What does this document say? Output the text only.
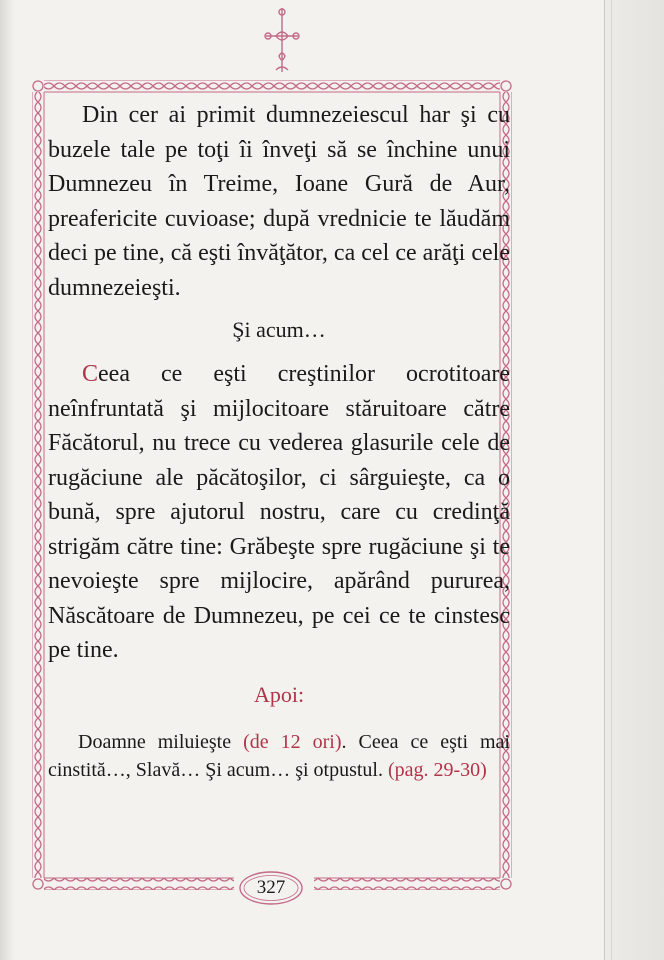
327

Din cer ai primit dumnezeiescul har şi cu buzele tale pe toţi îi înveţi să se închine unui Dumnezeu în Treime, Ioane Gură de Aur, preafericite cuvioase; după vrednicie te lăudăm deci pe tine, că eşti învăţător, ca cel ce arăţi cele dumnezeieşti.

Şi acum…

Ceea ce eşti creştinilor ocrotitoare neînfruntată şi mijlocitoare stăruitoare către Făcătorul, nu trece cu vederea glasurile cele de rugăciune ale păcătoşilor, ci sârguieşte, ca o bună, spre ajutorul nostru, care cu credinţă strigăm către tine: Grăbeşte spre rugăciune şi te nevoieşte spre mijlocire, apărând pururea, Născătoare de Dumnezeu, pe cei ce te cinstesc pe tine.

Apoi:

Doamne miluieşte (de 12 ori). Ceea ce eşti mai cinstită…, Slavă… Şi acum… şi otpustul. (pag. 29-30)
